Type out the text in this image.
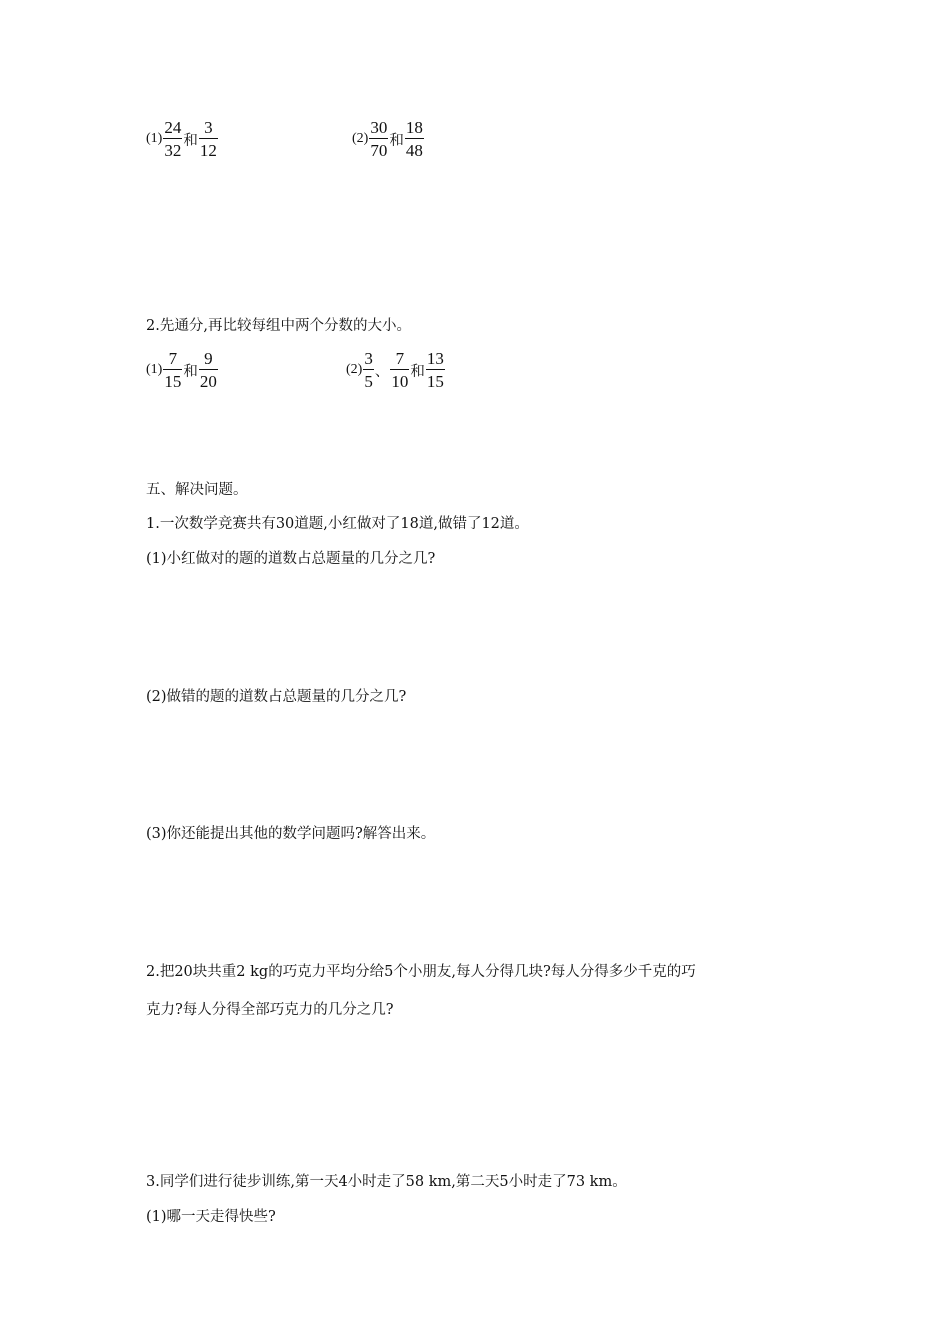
$(1) \frac{24}{32}$ 和 $\frac{3}{12}$	$(2) \frac{30}{70}$ 和 $\frac{18}{48}$
2.先通分,再比较每组中两个分数的大小。
$(1) \frac{7}{15}$ 和 $\frac{9}{20}$	$(2) \frac{3}{5}$ 、 $\frac{7}{10}$ 和 $\frac{13}{15}$
五、解决问题。
1.一次数学竞赛共有30道题,小红做对了18道,做错了12道。
(1)小红做对的题的道数占总题量的几分之几?
(2)做错的题的道数占总题量的几分之几?
(3)你还能提出其他的数学问题吗?解答出来。
2.把20块共重2 kg的巧克力平均分给5个小朋友,每人分得几块?每人分得多少千克的巧
克力?每人分得全部巧克力的几分之几?
3.同学们进行徒步训练,第一天4小时走了58 km,第二天5小时走了73 km。
(1)哪一天走得快些?
